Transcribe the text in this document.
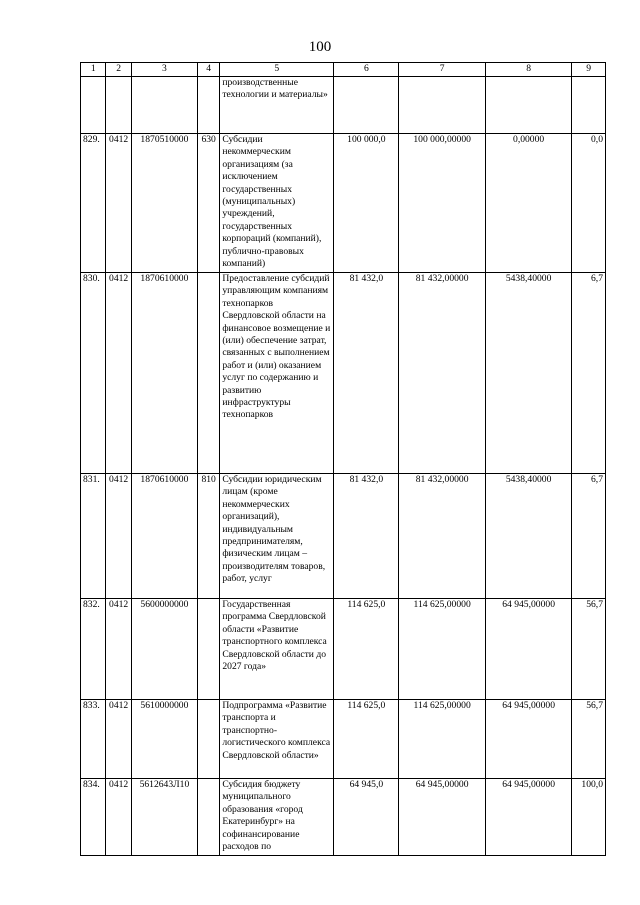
100
1	2	3	4	5	6	7	8	9
				производственные технологии и материалы»				
829.	0412	1870510000	630	Субсидии некоммерческим организациям (за исключением государственных (муниципальных) учреждений, государственных корпораций (компаний), публично-правовых компаний)	100 000,0	100 000,00000	0,00000	0,0
830.	0412	1870610000		Предоставление субсидий управляющим компаниям технопарков Свердловской области на финансовое возмещение и (или) обеспечение затрат, связанных с выполнением работ и (или) оказанием услуг по содержанию и развитию инфраструктуры технопарков	81 432,0	81 432,00000	5438,40000	6,7
831.	0412	1870610000	810	Субсидии юридическим лицам (кроме некоммерческих организаций), индивидуальным предпринимателям, физическим лицам – производителям товаров, работ, услуг	81 432,0	81 432,00000	5438,40000	6,7
832.	0412	5600000000		Государственная программа Свердловской области «Развитие транспортного комплекса Свердловской области до 2027 года»	114 625,0	114 625,00000	64 945,00000	56,7
833.	0412	5610000000		Подпрограмма «Развитие транспорта и транспортно-логистического комплекса Свердловской области»	114 625,0	114 625,00000	64 945,00000	56,7
834.	0412	5612643Л10		Субсидия бюджету муниципального образования «город Екатеринбург» на софинансирование расходов по	64 945,0	64 945,00000	64 945,00000	100,0
